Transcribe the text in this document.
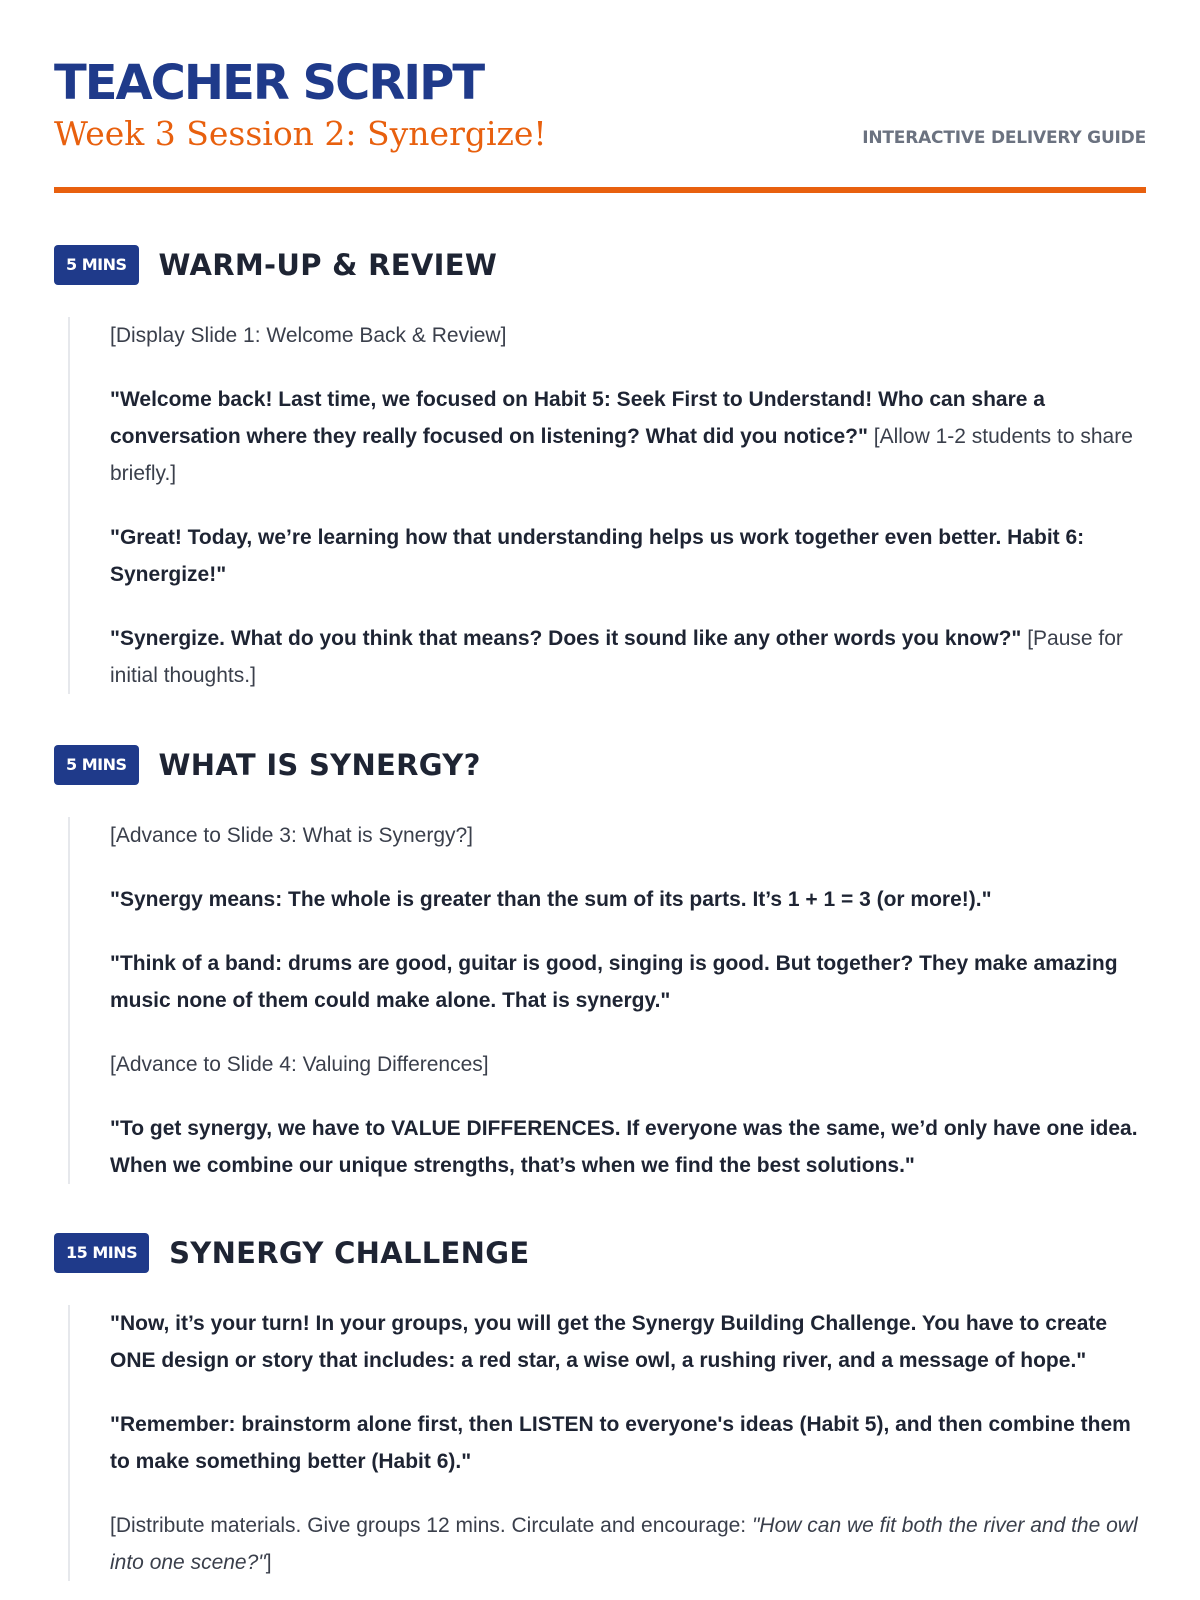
TEACHER SCRIPT
Week 3 Session 2: Synergize!	INTERACTIVE DELIVERY GUIDE
5 MINS	WARM-UP & REVIEW

[Display Slide 1: Welcome Back & Review]

"Welcome back! Last time, we focused on Habit 5: Seek First to Understand! Who can share a conversation where they really focused on listening? What did you notice?" [Allow 1-2 students to share briefly.]

"Great! Today, we’re learning how that understanding helps us work together even better. Habit 6: Synergize!"

"Synergize. What do you think that means? Does it sound like any other words you know?" [Pause for initial thoughts.]

5 MINS	WHAT IS SYNERGY?

[Advance to Slide 3: What is Synergy?]

"Synergy means: The whole is greater than the sum of its parts. It’s 1 + 1 = 3 (or more!)."

"Think of a band: drums are good, guitar is good, singing is good. But together? They make amazing music none of them could make alone. That is synergy."

[Advance to Slide 4: Valuing Differences]

"To get synergy, we have to VALUE DIFFERENCES. If everyone was the same, we’d only have one idea. When we combine our unique strengths, that’s when we find the best solutions."

15 MINS	SYNERGY CHALLENGE

"Now, it’s your turn! In your groups, you will get the Synergy Building Challenge. You have to create ONE design or story that includes: a red star, a wise owl, a rushing river, and a message of hope."

"Remember: brainstorm alone first, then LISTEN to everyone's ideas (Habit 5), and then combine them to make something better (Habit 6)."

[Distribute materials. Give groups 12 mins. Circulate and encourage: "How can we fit both the river and the owl into one scene?"]
